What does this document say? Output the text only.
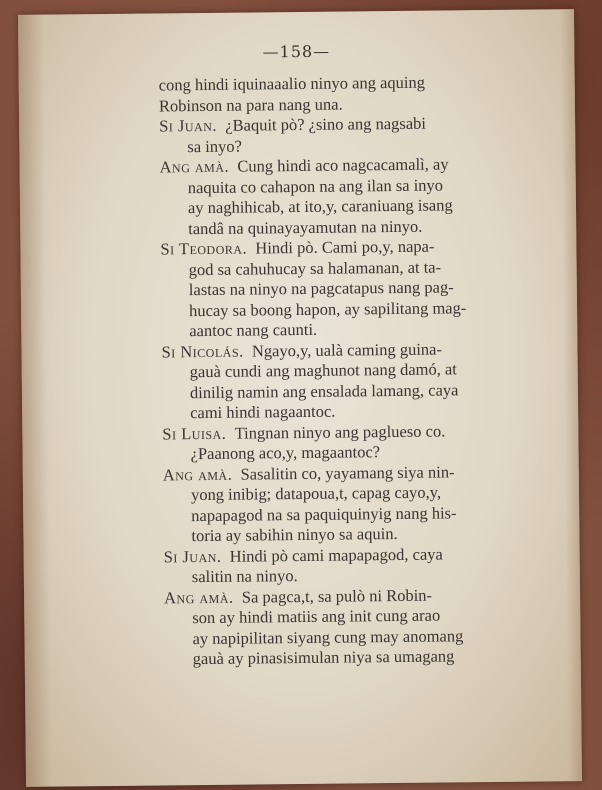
—158—
cong hindi iquinaaalio ninyo ang aquing
Robinson na para nang una.
Si Juan. ¿Baquit pò? ¿sino ang nagsabi
sa inyo?
Ang amà. Cung hindi aco nagcacamalì, ay
naquita co cahapon na ang ilan sa inyo
ay naghihicab, at ito,y, caraniuang isang
tandâ na quinayayamutan na ninyo.
Si Teodora. Hindi pò. Cami po,y, napa-
god sa cahuhucay sa halamanan, at ta-
lastas na ninyo na pagcatapus nang pag-
hucay sa boong hapon, ay sapilitang mag-
aantoc nang caunti.
Si Nicolás. Ngayo,y, ualà caming guina-
gauà cundi ang maghunot nang damó, at
dinilig namin ang ensalada lamang, caya
cami hindi nagaantoc.
Si Luisa. Tingnan ninyo ang paglueso co.
¿Paanong aco,y, magaantoc?
Ang amà. Sasalitin co, yayamang siya nin-
yong inibig; datapoua,t, capag cayo,y,
napapagod na sa paquiquinyig nang his-
toria ay sabihin ninyo sa aquin.
Si Juan. Hindi pò cami mapapagod, caya
salitin na ninyo.
Ang amà. Sa pagca,t, sa pulò ni Robin-
son ay hindi matiis ang init cung arao
ay napipilitan siyang cung may anomang
gauà ay pinasisimulan niya sa umagang
